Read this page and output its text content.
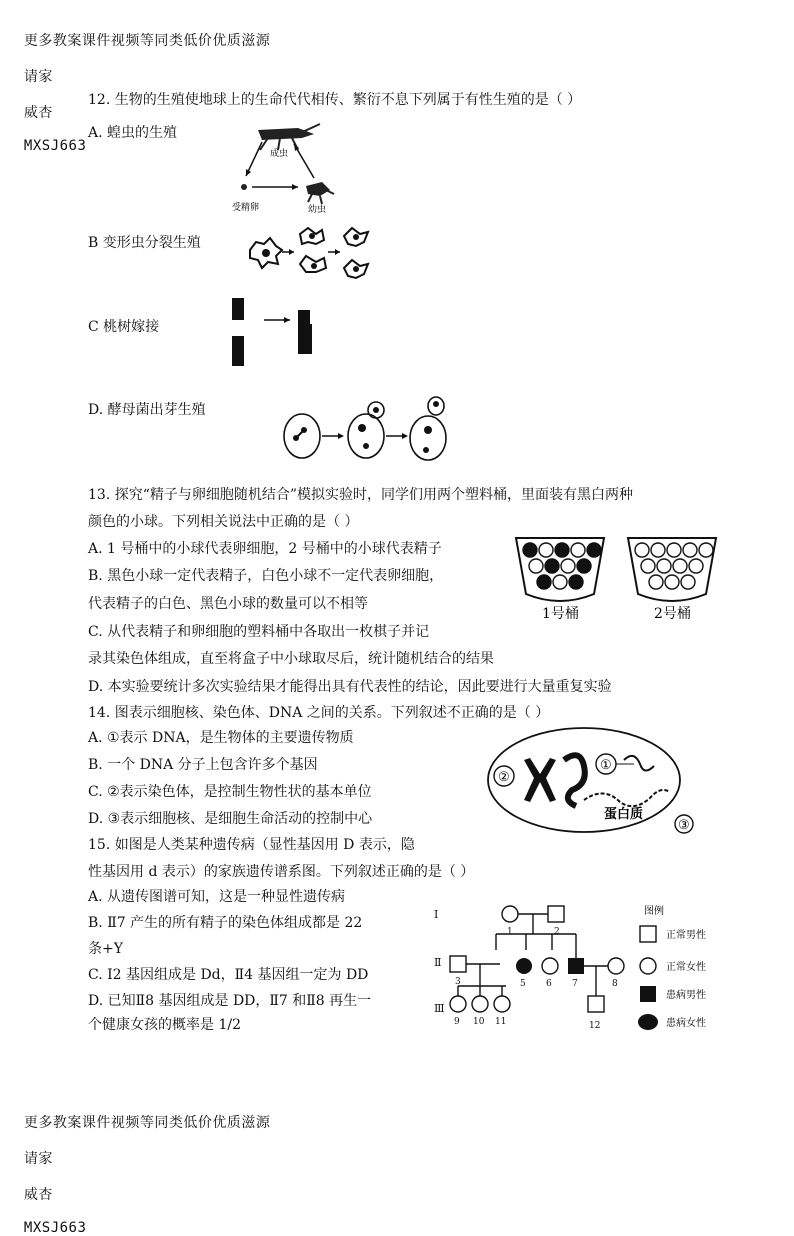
更多教案课件视频等同类低价优质滋源

请家

威杏

MXSJ663

12. 生物的生殖使地球上的生命代代相传、繁衍不息下列属于有性生殖的是（ ）
A. 蝗虫的生殖
成虫
受精卵	幼虫
B 变形虫分裂生殖
C 桃树嫁接
D. 酵母菌出芽生殖
13. 探究“精子与卵细胞随机结合”模拟实验时，同学们用两个塑料桶，里面装有黑白两种
颜色的小球。下列相关说法中正确的是（ ）
A. 1 号桶中的小球代表卵细胞，2 号桶中的小球代表精子
B. 黑色小球一定代表精子，白色小球不一定代表卵细胞，
代表精子的白色、黑色小球的数量可以不相等
C. 从代表精子和卵细胞的塑料桶中各取出一枚棋子并记
录其染色体组成，直至将盒子中小球取尽后，统计随机结合的结果
D. 本实验要统计多次实验结果才能得出具有代表性的结论，因此要进行大量重复实验
1号桶	2号桶
14. 图表示细胞核、染色体、DNA 之间的关系。下列叙述不正确的是（ ）
A. ①表示 DNA，是生物体的主要遗传物质
B. 一个 DNA 分子上包含许多个基因
C. ②表示染色体，是控制生物性状的基本单位
D. ③表示细胞核、是细胞生命活动的控制中心
②
①
蛋白质
③
15. 如图是人类某种遗传病（显性基因用 D 表示，隐
性基因用 d 表示）的家族遗传谱系图。下列叙述正确的是（ ）
A. 从遗传图谱可知，这是一种显性遗传病
B. Ⅱ7 产生的所有精子的染色体组成都是 22
条+Y
C. Ⅰ2 基因组成是 Dd，Ⅱ4 基因组一定为 DD
D. 已知Ⅱ8 基因组成是 DD，Ⅱ7 和Ⅱ8 再生一
个健康女孩的概率是 1/2
Ⅰ
Ⅱ
Ⅲ
1	2
3	5 6 7	8
9 10 11	12
图例
正常男性
正常女性
患病男性
患病女性

更多教案课件视频等同类低价优质滋源

请家

威杏

MXSJ663
